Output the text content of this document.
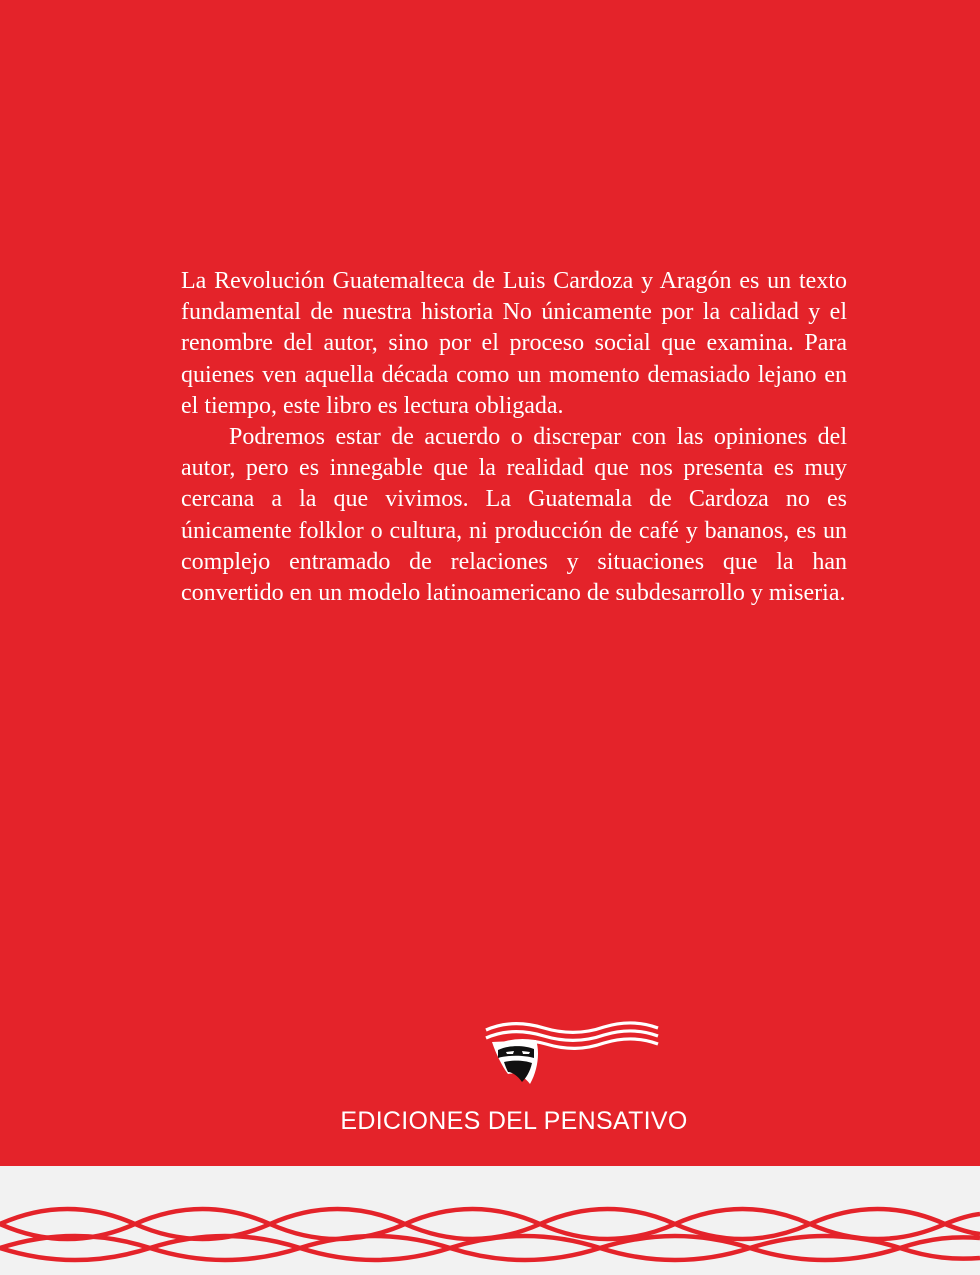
La Revolución Guatemalteca de Luis Cardoza y Aragón es un texto fundamental de nuestra historia No únicamente por la calidad y el renombre del autor, sino por el proceso social que examina. Para quienes ven aquella década como un momento demasiado lejano en el tiempo, este libro es lectura obligada.

Podremos estar de acuerdo o discrepar con las opiniones del autor, pero es innegable que la realidad que nos presenta es muy cercana a la que vivimos. La Guatemala de Cardoza no es únicamente folklor o cultura, ni producción de café y bananos, es un complejo entramado de relaciones y situaciones que la han convertido en un modelo latinoamericano de subdesarrollo y miseria.

EDICIONES DEL PENSATIVO
